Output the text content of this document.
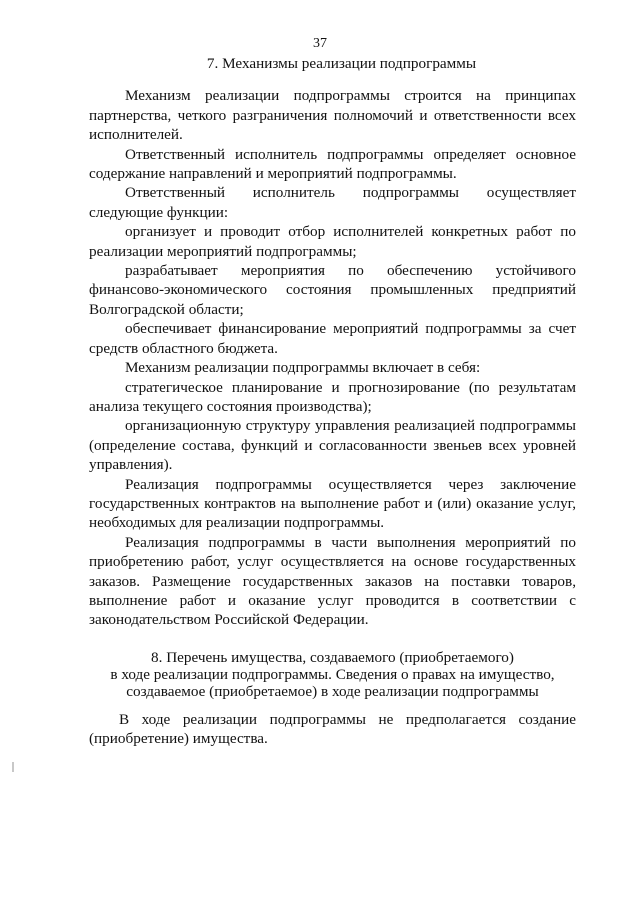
37
7. Механизмы реализации подпрограммы

Механизм реализации подпрограммы строится на принципах партнерства, четкого разграничения полномочий и ответственности всех исполнителей.

Ответственный исполнитель подпрограммы определяет основное содержание направлений и мероприятий подпрограммы.

Ответственный исполнитель подпрограммы осуществляет следующие функции:

организует и проводит отбор исполнителей конкретных работ по реализации мероприятий подпрограммы;

разрабатывает мероприятия по обеспечению устойчивого финансово-экономического состояния промышленных предприятий Волгоградской области;

обеспечивает финансирование мероприятий подпрограммы за счет средств областного бюджета.

Механизм реализации подпрограммы включает в себя:

стратегическое планирование и прогнозирование (по результатам анализа текущего состояния производства);

организационную структуру управления реализацией подпрограммы (определение состава, функций и согласованности звеньев всех уровней управления).

Реализация подпрограммы осуществляется через заключение государственных контрактов на выполнение работ и (или) оказание услуг, необходимых для реализации подпрограммы.

Реализация подпрограммы в части выполнения мероприятий по приобретению работ, услуг осуществляется на основе государственных заказов. Размещение государственных заказов на поставки товаров, выполнение работ и оказание услуг проводится в соответствии с законодательством Российской Федерации.

8. Перечень имущества, создаваемого (приобретаемого)
в ходе реализации подпрограммы. Сведения о правах на имущество,
создаваемое (приобретаемое) в ходе реализации подпрограммы

В ходе реализации подпрограммы не предполагается создание (приобретение) имущества.
